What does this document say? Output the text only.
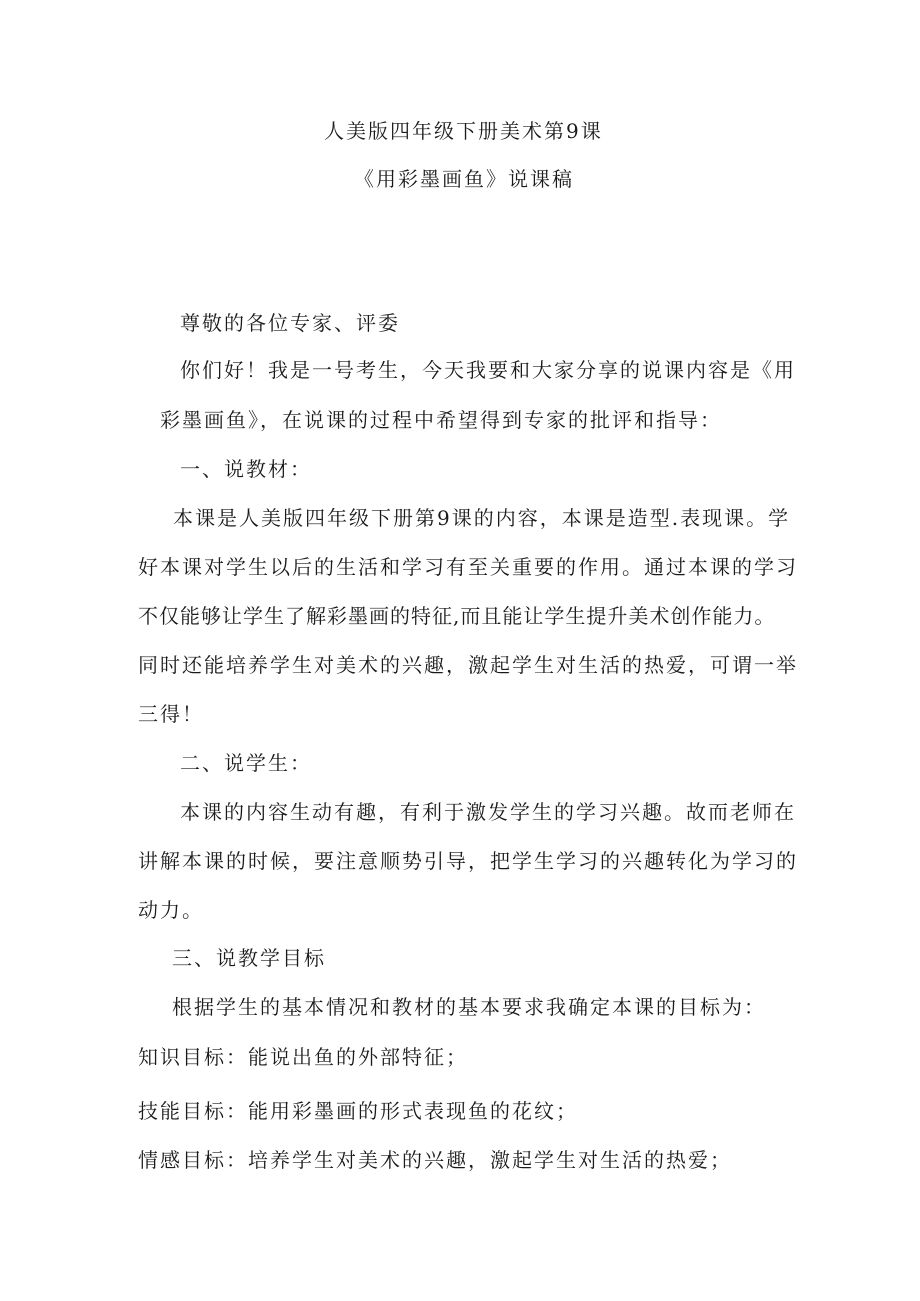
人美版四年级下册美术第9课
《用彩墨画鱼》说课稿
尊敬的各位专家、评委
你们好！我是一号考生，今天我要和大家分享的说课内容是《用
彩墨画鱼》，在说课的过程中希望得到专家的批评和指导：
一、说教材：
本课是人美版四年级下册第9课的内容，本课是造型.表现课。学
好本课对学生以后的生活和学习有至关重要的作用。通过本课的学习
不仅能够让学生了解彩墨画的特征,而且能让学生提升美术创作能力。
同时还能培养学生对美术的兴趣，激起学生对生活的热爱，可谓一举
三得！
二、说学生：
本课的内容生动有趣，有利于激发学生的学习兴趣。故而老师在
讲解本课的时候，要注意顺势引导，把学生学习的兴趣转化为学习的
动力。
三、说教学目标
根据学生的基本情况和教材的基本要求我确定本课的目标为：
知识目标：能说出鱼的外部特征；
技能目标：能用彩墨画的形式表现鱼的花纹；
情感目标：培养学生对美术的兴趣，激起学生对生活的热爱；
